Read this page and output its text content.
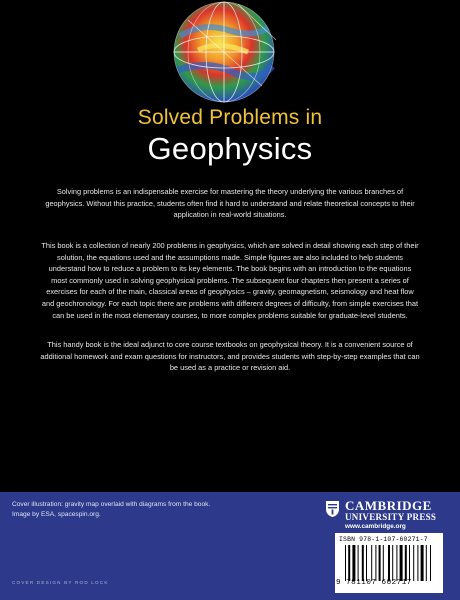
Solved Problems in
Geophysics
Solving problems is an indispensable exercise for mastering the theory underlying the various branches of geophysics. Without this practice, students often find it hard to understand and relate theoretical concepts to their application in real-world situations.
This book is a collection of nearly 200 problems in geophysics, which are solved in detail showing each step of their solution, the equations used and the assumptions made. Simple figures are also included to help students understand how to reduce a problem to its key elements. The book begins with an introduction to the equations most commonly used in solving geophysical problems. The subsequent four chapters then present a series of exercises for each of the main, classical areas of geophysics – gravity, geomagnetism, seismology and heat flow and geochronology. For each topic there are problems with different degrees of difficulty, from simple exercises that can be used in the most elementary courses, to more complex problems suitable for graduate-level students.
This handy book is the ideal adjunct to core course textbooks on geophysical theory. It is a convenient source of additional homework and exam questions for instructors, and provides students with step-by-step examples that can be used as a practice or revision aid.
Cover illustration: gravity map overlaid with diagrams from the book. Image by ESA, spacespin.org.
COVER DESIGN BY ROD LOCK
CAMBRIDGE
UNIVERSITY PRESS
www.cambridge.org
ISBN 978-1-107-60271-7
9 781107 602717
